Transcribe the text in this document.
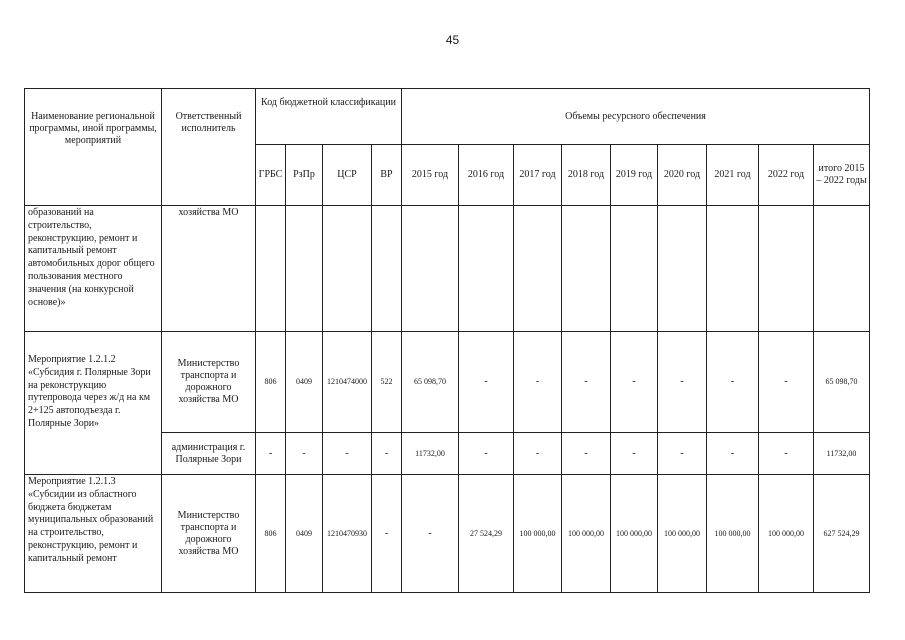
45
Наименование региональной программы, иной программы, мероприятий	Ответственный исполнитель	Код бюджетной классификации				Объемы ресурсного обеспечения								
		ГРБС	РзПр	ЦСР	ВР	2015 год	2016 год	2017 год	2018 год	2019 год	2020 год	2021 год	2022 год	итого 2015 – 2022 годы
образований на строительство, реконструкцию, ремонт и капитальный ремонт автомобильных дорог общего пользования местного значения (на конкурсной основе)»	хозяйства МО													
Мероприятие 1.2.1.2 «Субсидия г. Полярные Зори на реконструкцию путепровода через ж/д на км 2+125 автоподъезда г. Полярные Зори»	Министерство транспорта и дорожного хозяйства МО	806	0409	1210474000	522	65 098,70	-	-	-	-	-	-	-	65 098,70
	администрация г. Полярные Зори	-	-	-	-	11732,00	-	-	-	-	-	-	-	11732,00
Мероприятие 1.2.1.3 «Субсидии из областного бюджета бюджетам муниципальных образований на строительство, реконструкцию, ремонт и капитальный ремонт	Министерство транспорта и дорожного хозяйства МО	806	0409	1210470930	-	-	27 524,29	100 000,00	100 000,00	100 000,00	100 000,00	100 000,00	100 000,00	627 524,29
